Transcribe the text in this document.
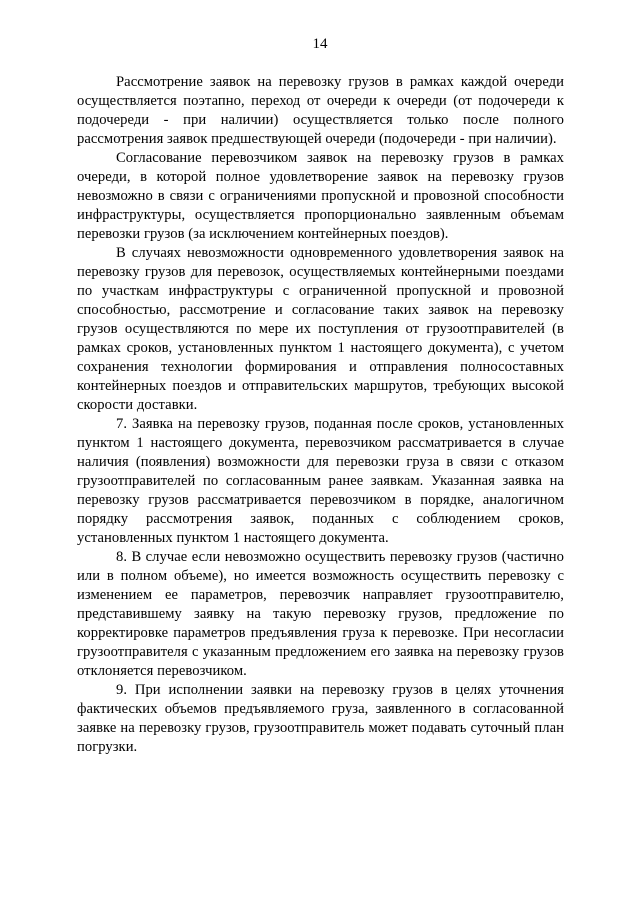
14

Рассмотрение заявок на перевозку грузов в рамках каждой очереди осуществляется поэтапно, переход от очереди к очереди (от подочереди к подочереди - при наличии) осуществляется только после полного рассмотрения заявок предшествующей очереди (подочереди - при наличии).

Согласование перевозчиком заявок на перевозку грузов в рамках очереди, в которой полное удовлетворение заявок на перевозку грузов невозможно в связи с ограничениями пропускной и провозной способности инфраструктуры, осуществляется пропорционально заявленным объемам перевозки грузов (за исключением контейнерных поездов).

В случаях невозможности одновременного удовлетворения заявок на перевозку грузов для перевозок, осуществляемых контейнерными поездами по участкам инфраструктуры с ограниченной пропускной и провозной способностью, рассмотрение и согласование таких заявок на перевозку грузов осуществляются по мере их поступления от грузоотправителей (в рамках сроков, установленных пунктом 1 настоящего документа), с учетом сохранения технологии формирования и отправления полносоставных контейнерных поездов и отправительских маршрутов, требующих высокой скорости доставки.

7. Заявка на перевозку грузов, поданная после сроков, установленных пунктом 1 настоящего документа, перевозчиком рассматривается в случае наличия (появления) возможности для перевозки груза в связи с отказом грузоотправителей по согласованным ранее заявкам. Указанная заявка на перевозку грузов рассматривается перевозчиком в порядке, аналогичном порядку рассмотрения заявок, поданных с соблюдением сроков, установленных пунктом 1 настоящего документа.

8. В случае если невозможно осуществить перевозку грузов (частично или в полном объеме), но имеется возможность осуществить перевозку с изменением ее параметров, перевозчик направляет грузоотправителю, представившему заявку на такую перевозку грузов, предложение по корректировке параметров предъявления груза к перевозке. При несогласии грузоотправителя с указанным предложением его заявка на перевозку грузов отклоняется перевозчиком.

9. При исполнении заявки на перевозку грузов в целях уточнения фактических объемов предъявляемого груза, заявленного в согласованной заявке на перевозку грузов, грузоотправитель может подавать суточный план погрузки.
